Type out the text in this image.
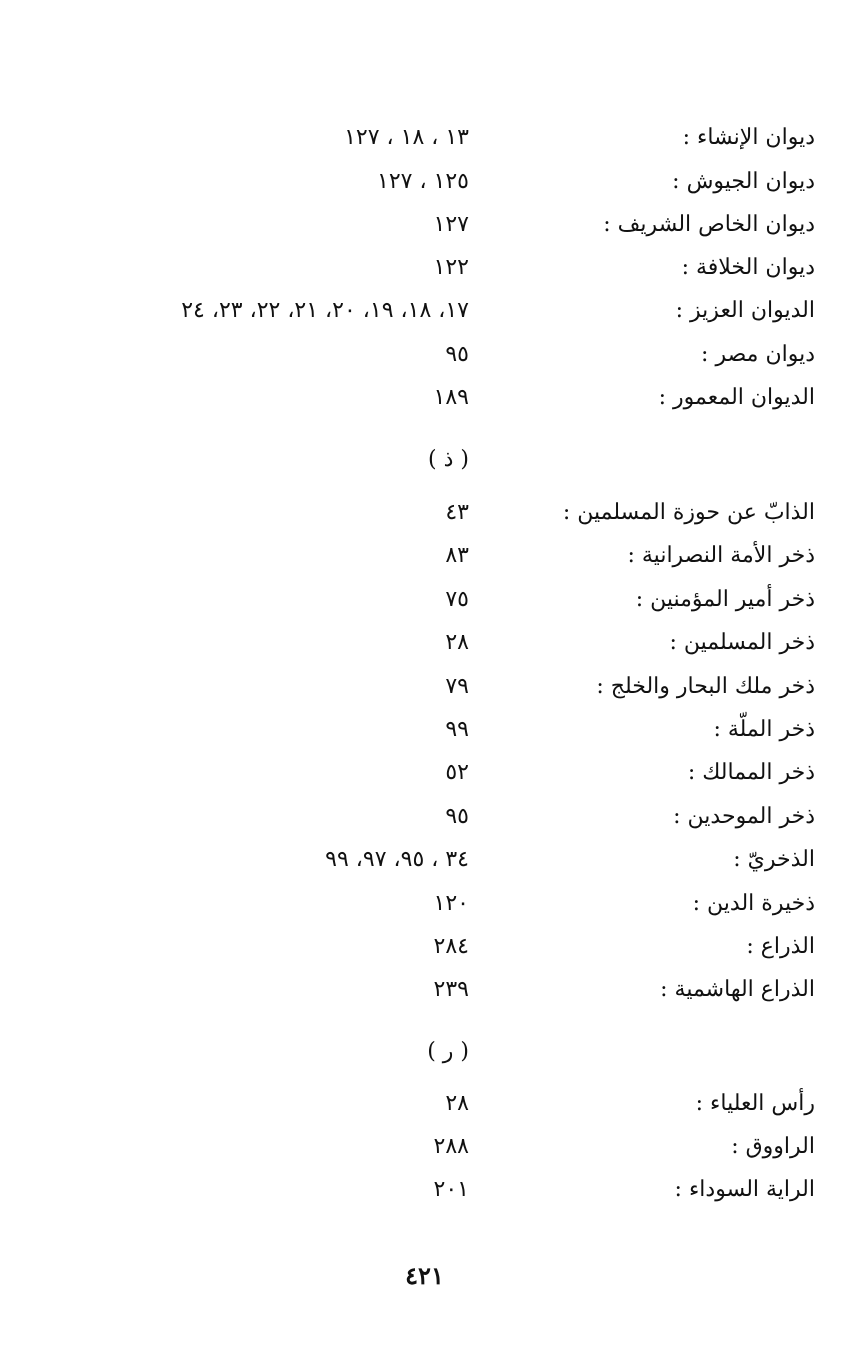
ديوان الإنشاء :
١٣ ، ١٨ ، ١٢٧
ديوان الجيوش :
١٢٥ ، ١٢٧
ديوان الخاص الشريف :
١٢٧
ديوان الخلافة :
١٢٢
الديوان العزيز :
١٧، ١٨، ١٩، ٢٠، ٢١، ٢٢، ٢٣، ٢٤
ديوان مصر :
٩٥
الديوان المعمور :
١٨٩
( ذ )
الذابّ عن حوزة المسلمين :
٤٣
ذخر الأمة النصرانية :
٨٣
ذخر أمير المؤمنين :
٧٥
ذخر المسلمين :
٢٨
ذخر ملك البحار والخلج :
٧٩
ذخر الملّة :
٩٩
ذخر الممالك :
٥٢
ذخر الموحدين :
٩٥
الذخريّ :
٣٤ ، ٩٥، ٩٧، ٩٩
ذخيرة الدين :
١٢٠
الذراع :
٢٨٤
الذراع الهاشمية :
٢٣٩
( ر )
رأس العلياء :
٢٨
الراووق :
٢٨٨
الراية السوداء :
٢٠١
٤٢١
